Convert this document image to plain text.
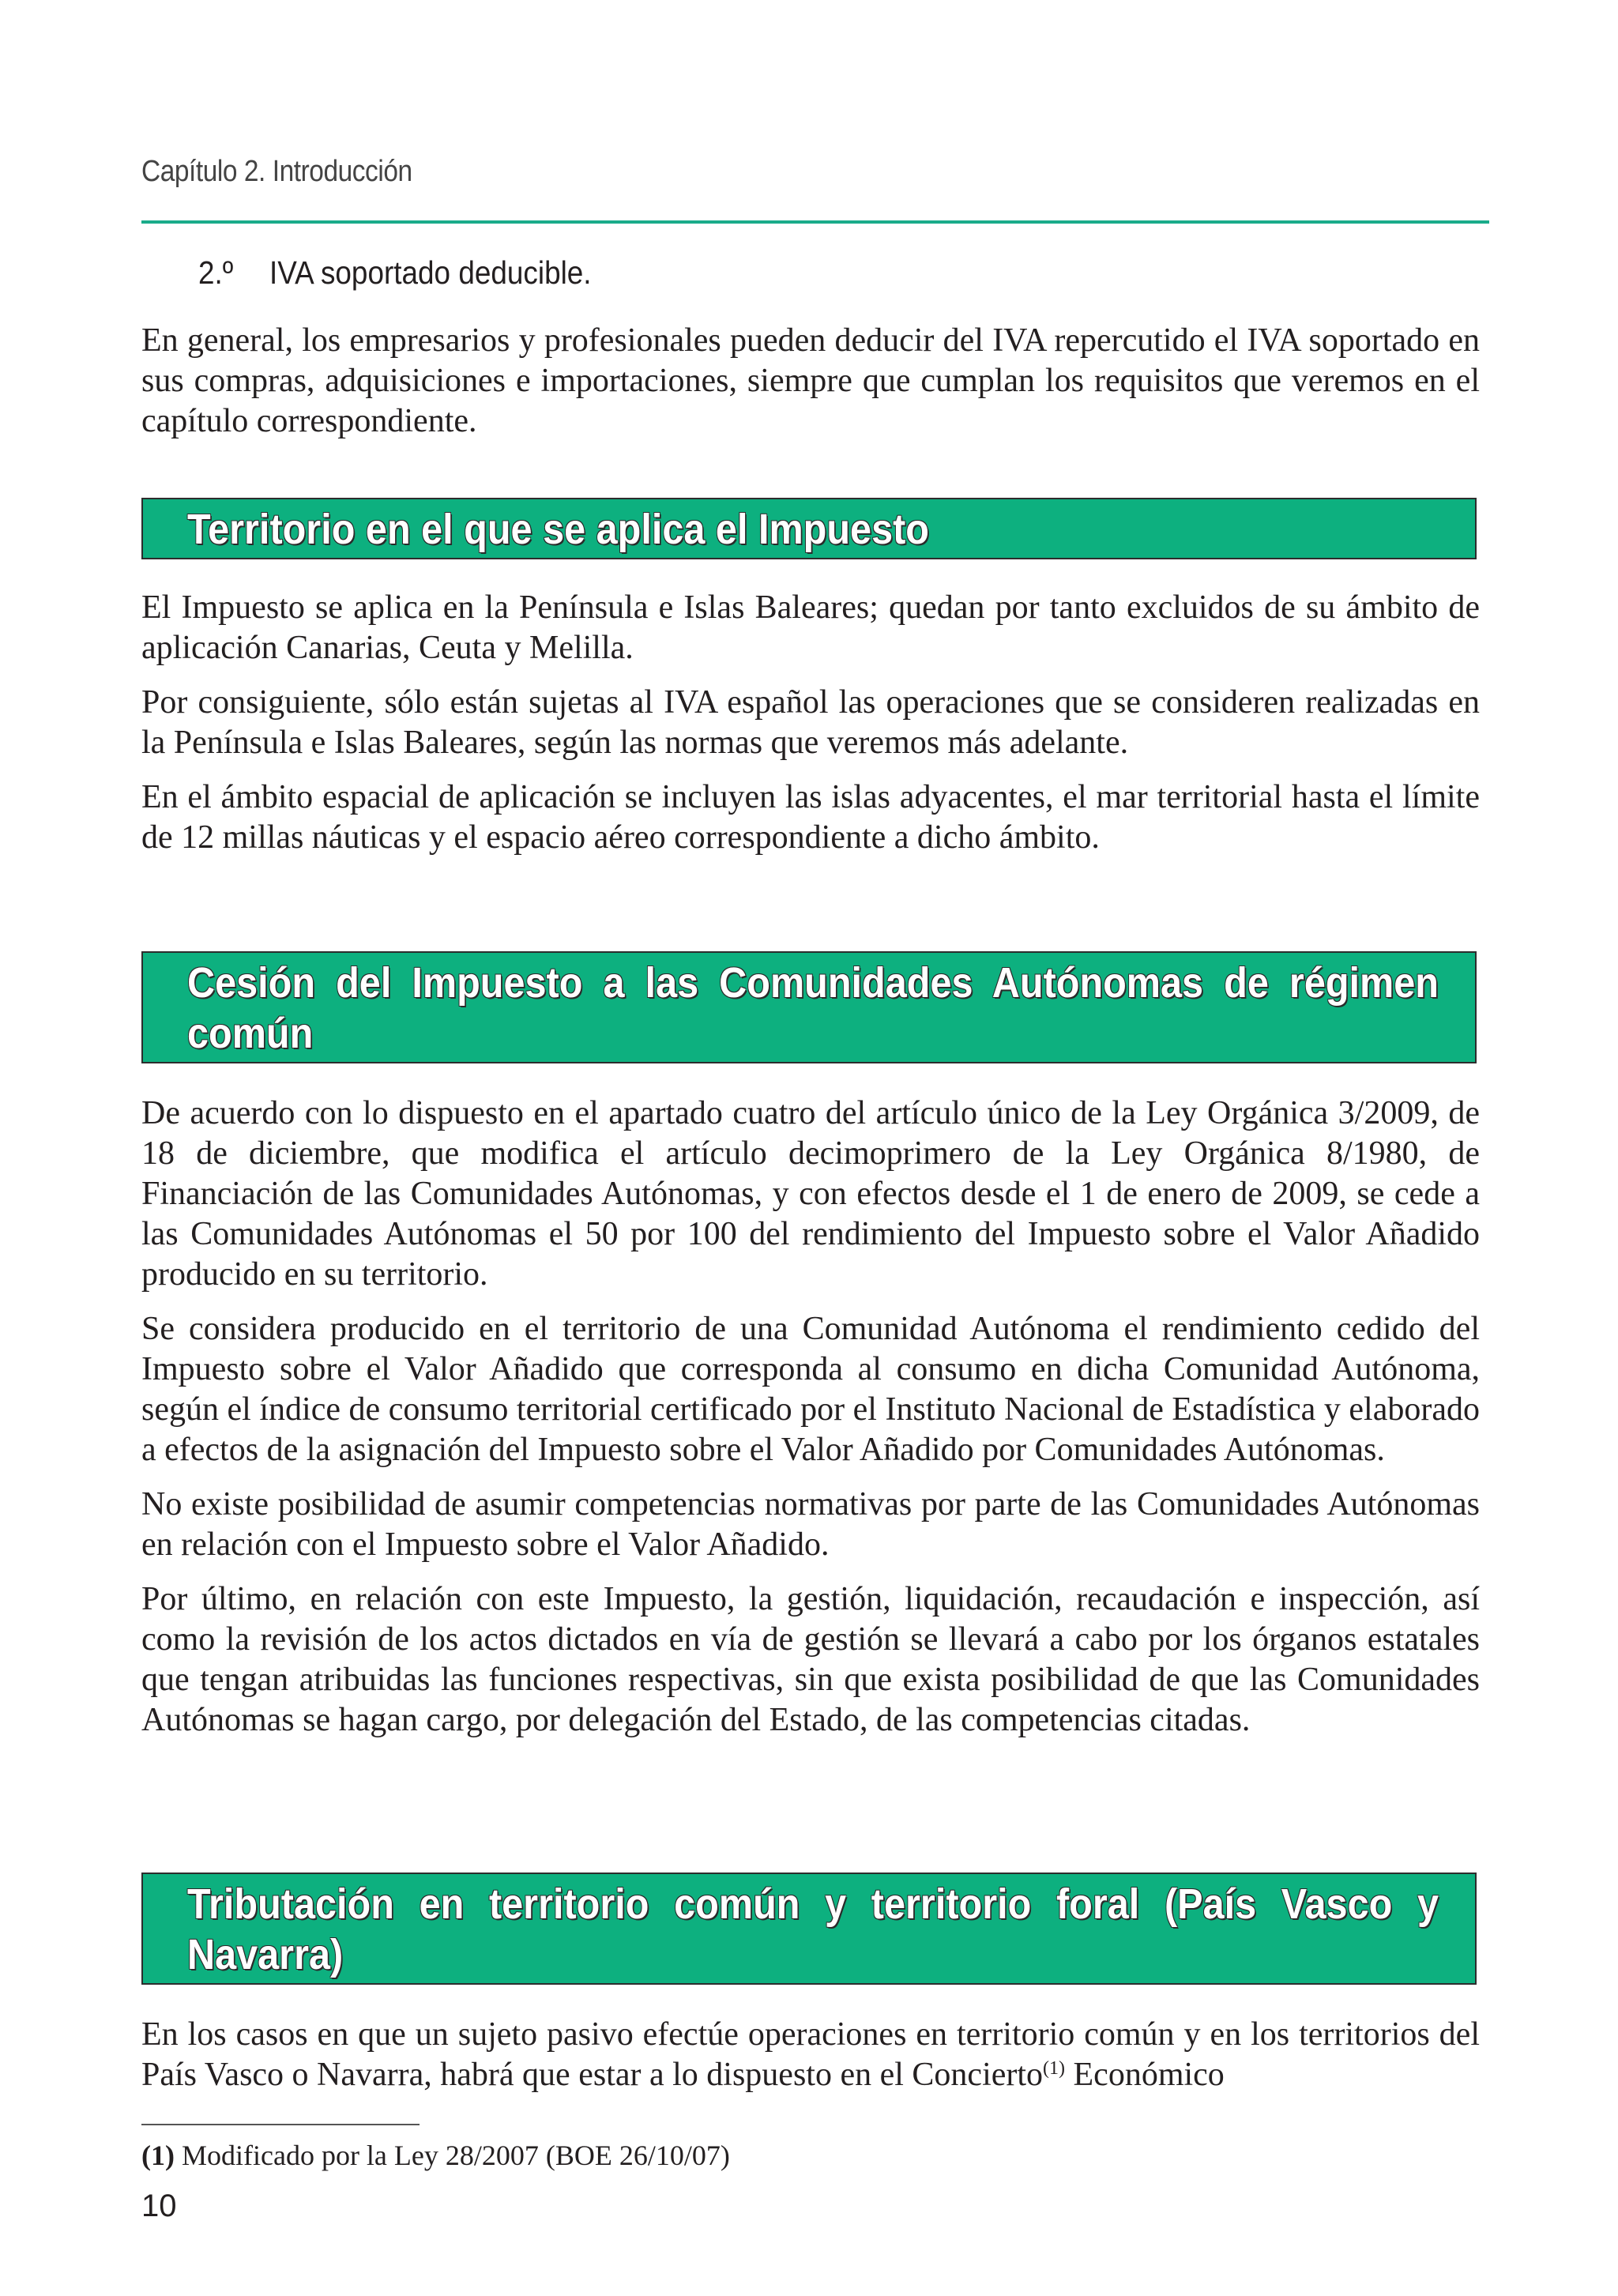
Capítulo 2. Introducción
2.º IVA soportado deducible.

En general, los empresarios y profesionales pueden deducir del IVA repercutido el IVA soportado en sus compras, adquisiciones e importaciones, siempre que cumplan los requisitos que veremos en el capítulo correspondiente.

Territorio en el que se aplica el Impuesto

El Impuesto se aplica en la Península e Islas Baleares; quedan por tanto excluidos de su ámbito de aplicación Canarias, Ceuta y Melilla.

Por consiguiente, sólo están sujetas al IVA español las operaciones que se consideren realizadas en la Península e Islas Baleares, según las normas que veremos más adelante.

En el ámbito espacial de aplicación se incluyen las islas adyacentes, el mar territorial hasta el límite de 12 millas náuticas y el espacio aéreo correspondiente a dicho ámbito.

Cesión del Impuesto a las Comunidades Autónomas de régimen común

De acuerdo con lo dispuesto en el apartado cuatro del artículo único de la Ley Orgánica 3/2009, de 18 de diciembre, que modifica el artículo decimoprimero de la Ley Orgánica 8/1980, de Financiación de las Comunidades Autónomas, y con efectos desde el 1 de enero de 2009, se cede a las Comunidades Autónomas el 50 por 100 del rendimiento del Impuesto sobre el Valor Añadido producido en su territorio.

Se considera producido en el territorio de una Comunidad Autónoma el rendimiento cedido del Impuesto sobre el Valor Añadido que corresponda al consumo en dicha Comunidad Autónoma, según el índice de consumo territorial certificado por el Instituto Nacional de Estadística y elaborado a efectos de la asignación del Impuesto sobre el Valor Añadido por Comunidades Autónomas.

No existe posibilidad de asumir competencias normativas por parte de las Comunidades Autónomas en relación con el Impuesto sobre el Valor Añadido.

Por último, en relación con este Impuesto, la gestión, liquidación, recaudación e inspección, así como la revisión de los actos dictados en vía de gestión se llevará a cabo por los órganos estatales que tengan atribuidas las funciones respectivas, sin que exista posibilidad de que las Comunidades Autónomas se hagan cargo, por delegación del Estado, de las competencias citadas.

Tributación en territorio común y territorio foral (País Vasco y Navarra)

En los casos en que un sujeto pasivo efectúe operaciones en territorio común y en los territorios del País Vasco o Navarra, habrá que estar a lo dispuesto en el Concierto$^{(1)}$ Económico

(1) Modificado por la Ley 28/2007 (BOE 26/10/07)
10
